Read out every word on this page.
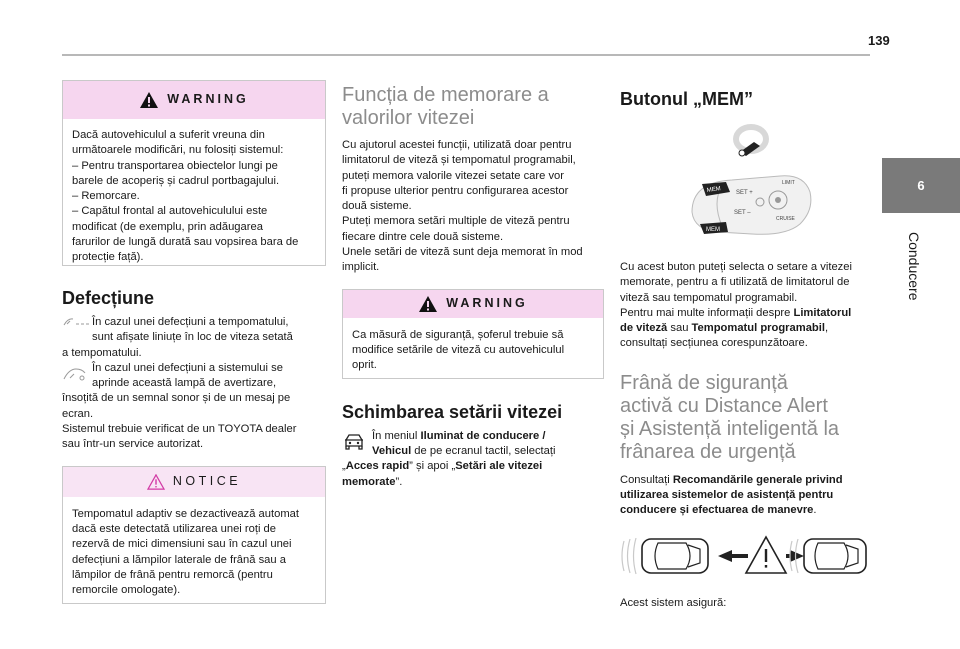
139
6
Conducere
WARNING

Dacă autovehiculul a suferit vreuna din

următoarele modificări, nu folosiți sistemul:

– Pentru transportarea obiectelor lungi pe

barele de acoperiș și cadrul portbagajului.

– Remorcare.

– Capătul frontal al autovehiculului este

modificat (de exemplu, prin adăugarea

farurilor de lungă durată sau vopsirea bara de

protecție față).

Defecțiune

În cazul unei defecțiuni a tempomatului,

sunt afișate liniuțe în loc de viteza setată

a tempomatului.

În cazul unei defecțiuni a sistemului se

aprinde această lampă de avertizare,

însoțită de un semnal sonor și de un mesaj pe

ecran.

Sistemul trebuie verificat de un TOYOTA dealer

sau într-un service autorizat.

NOTICE

Tempomatul adaptiv se dezactivează automat

dacă este detectată utilizarea unei roți de

rezervă de mici dimensiuni sau în cazul unei

defecțiuni a lămpilor laterale de frână sau a

lămpilor de frână pentru remorcă (pentru

remorcile omologate).

Funcția de memorare a
valorilor vitezei

Cu ajutorul acestei funcții, utilizată doar pentru

limitatorul de viteză și tempomatul programabil,

puteți memora valorile vitezei setate care vor

fi propuse ulterior pentru configurarea acestor

două sisteme.

Puteți memora setări multiple de viteză pentru

fiecare dintre cele două sisteme.

Unele setări de viteză sunt deja memorat în mod

implicit.

WARNING

Ca măsură de siguranță, șoferul trebuie să

modifice setările de viteză cu autovehiculul

oprit.

Schimbarea setării vitezei

În meniul Iluminat de conducere /

Vehicul de pe ecranul tactil, selectați

„Acces rapid” și apoi „Setări ale vitezei

memorate”.

Butonul „MEM”
MEM
MEM
SET +
SET –
LIMIT
CRUISE

Cu acest buton puteți selecta o setare a vitezei

memorate, pentru a fi utilizată de limitatorul de

viteză sau tempomatul programabil.

Pentru mai multe informații despre Limitatorul

de viteză sau Tempomatul programabil,

consultați secțiunea corespunzătoare.

Frână de siguranță
activă cu Distance Alert
și Asistență inteligentă la
frânarea de urgență

Consultați Recomandările generale privind

utilizarea sistemelor de asistență pentru

conducere și efectuarea de manevre.

Acest sistem asigură:
